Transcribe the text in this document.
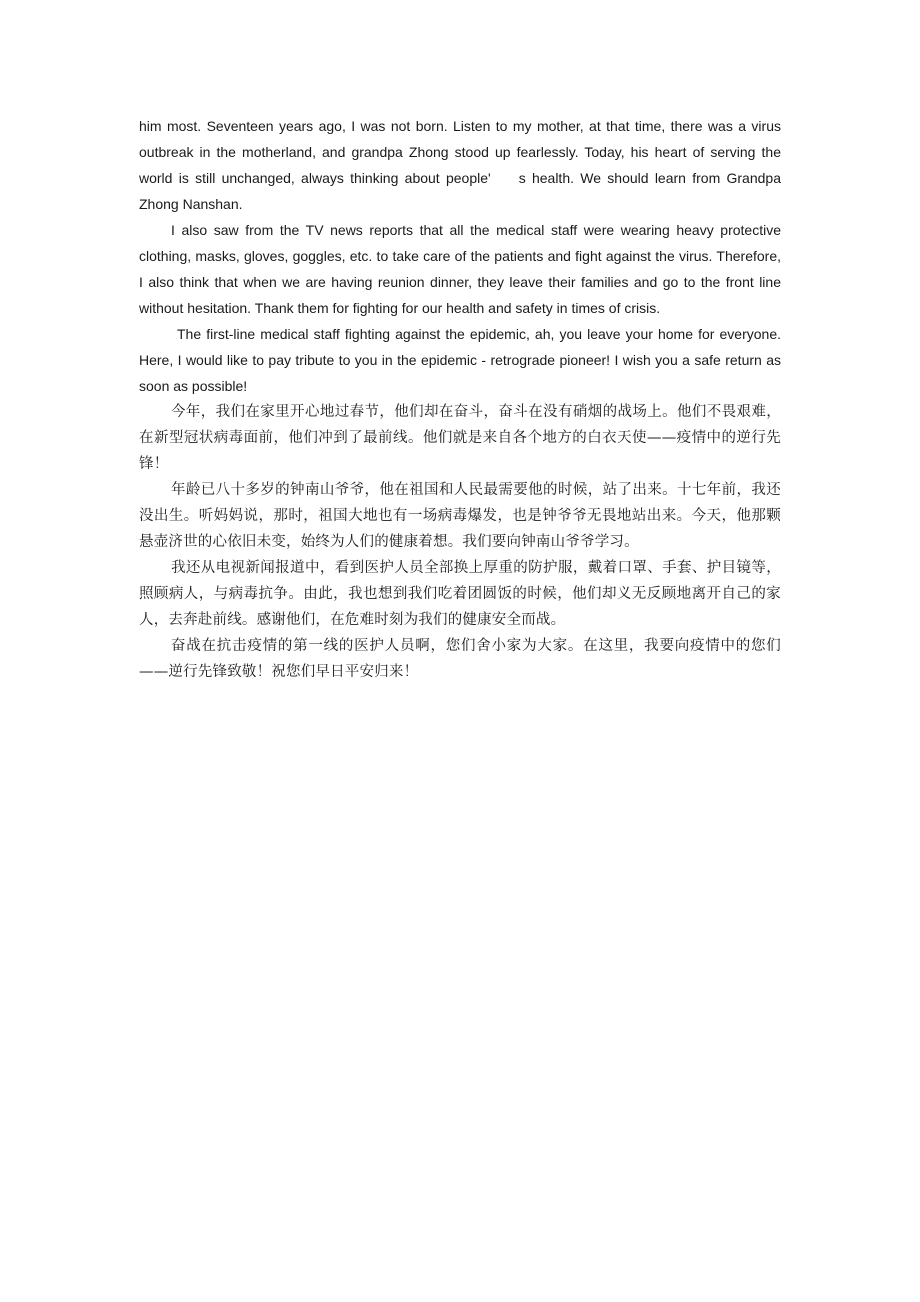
him most. Seventeen years ago, I was not born. Listen to my mother, at that time, there was a virus outbreak in the motherland, and grandpa Zhong stood up fearlessly. Today, his heart of serving the world is still unchanged, always thinking about people' s health. We should learn from Grandpa Zhong Nanshan.

I also saw from the TV news reports that all the medical staff were wearing heavy protective clothing, masks, gloves, goggles, etc. to take care of the patients and fight against the virus. Therefore, I also think that when we are having reunion dinner, they leave their families and go to the front line without hesitation. Thank them for fighting for our health and safety in times of crisis.

The first-line medical staff fighting against the epidemic, ah, you leave your home for everyone. Here, I would like to pay tribute to you in the epidemic - retrograde pioneer! I wish you a safe return as soon as possible!

今年，我们在家里开心地过春节，他们却在奋斗，奋斗在没有硝烟的战场上。他们不畏艰难，在新型冠状病毒面前，他们冲到了最前线。他们就是来自各个地方的白衣天使——疫情中的逆行先锋！

年龄已八十多岁的钟南山爷爷，他在祖国和人民最需要他的时候，站了出来。十七年前，我还没出生。听妈妈说，那时，祖国大地也有一场病毒爆发，也是钟爷爷无畏地站出来。今天，他那颗悬壶济世的心依旧未变，始终为人们的健康着想。我们要向钟南山爷爷学习。

我还从电视新闻报道中，看到医护人员全部换上厚重的防护服，戴着口罩、手套、护目镜等，照顾病人，与病毒抗争。由此，我也想到我们吃着团圆饭的时候，他们却义无反顾地离开自己的家人，去奔赴前线。感谢他们，在危难时刻为我们的健康安全而战。

奋战在抗击疫情的第一线的医护人员啊，您们舍小家为大家。在这里，我要向疫情中的您们——逆行先锋致敬！祝您们早日平安归来！
